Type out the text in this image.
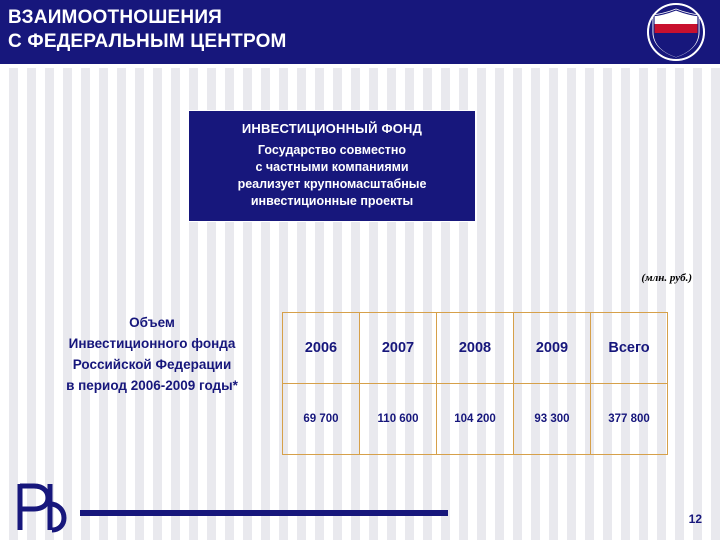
ВЗАИМООТНОШЕНИЯ
С ФЕДЕРАЛЬНЫМ ЦЕНТРОМ
ИНВЕСТИЦИОННЫЙ ФОНД
Государство совместно
с частными компаниями
реализует крупномасштабные
инвестиционные проекты
(млн. руб.)
Объем
Инвестиционного фонда
Российской Федерации
в период 2006-2009 годы*
2006	2007	2008	2009	Всего
69 700	110 600	104 200	93 300	377 800
12
